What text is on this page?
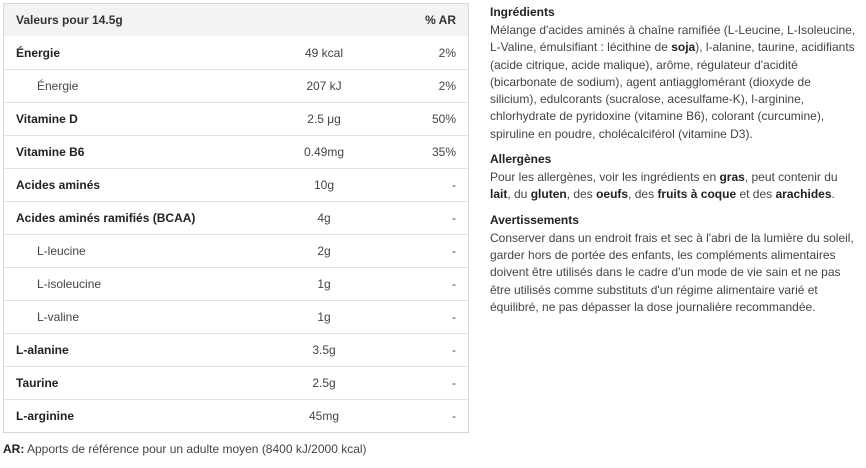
Valeurs pour 14.5g	% AR
Énergie	49 kcal	2%
Énergie	207 kJ	2%
Vitamine D	2.5 μg	50%
Vitamine B6	0.49mg	35%
Acides aminés	10g	-
Acides aminés ramifiés (BCAA)	4g	-
L-leucine	2g	-
L-isoleucine	1g	-
L-valine	1g	-
L-alanine	3.5g	-
Taurine	2.5g	-
L-arginine	45mg	-
AR: Apports de référence pour un adulte moyen (8400 kJ/2000 kcal)
Ingrédients

Mélange d'acides aminés à chaîne ramifiée (L-Leucine, L-Isoleucine, L-Valine, émulsifiant : lécithine de soja), l-alanine, taurine, acidifiants (acide citrique, acide malique), arôme, régulateur d'acidité (bicarbonate de sodium), agent antiagglomérant (dioxyde de silicium), edulcorants (sucralose, acesulfame-K), l-arginine, chlorhydrate de pyridoxine (vitamine B6), colorant (curcumine), spiruline en poudre, cholécalciférol (vitamine D3).

Allergènes

Pour les allergènes, voir les ingrédients en gras, peut contenir du lait, du gluten, des oeufs, des fruits à coque et des arachides.

Avertissements

Conserver dans un endroit frais et sec à l'abri de la lumière du soleil, garder hors de portée des enfants, les compléments alimentaires doivent être utilisés dans le cadre d'un mode de vie sain et ne pas être utilisés comme substituts d'un régime alimentaire varié et équilibré, ne pas dépasser la dose journalière recommandée.
